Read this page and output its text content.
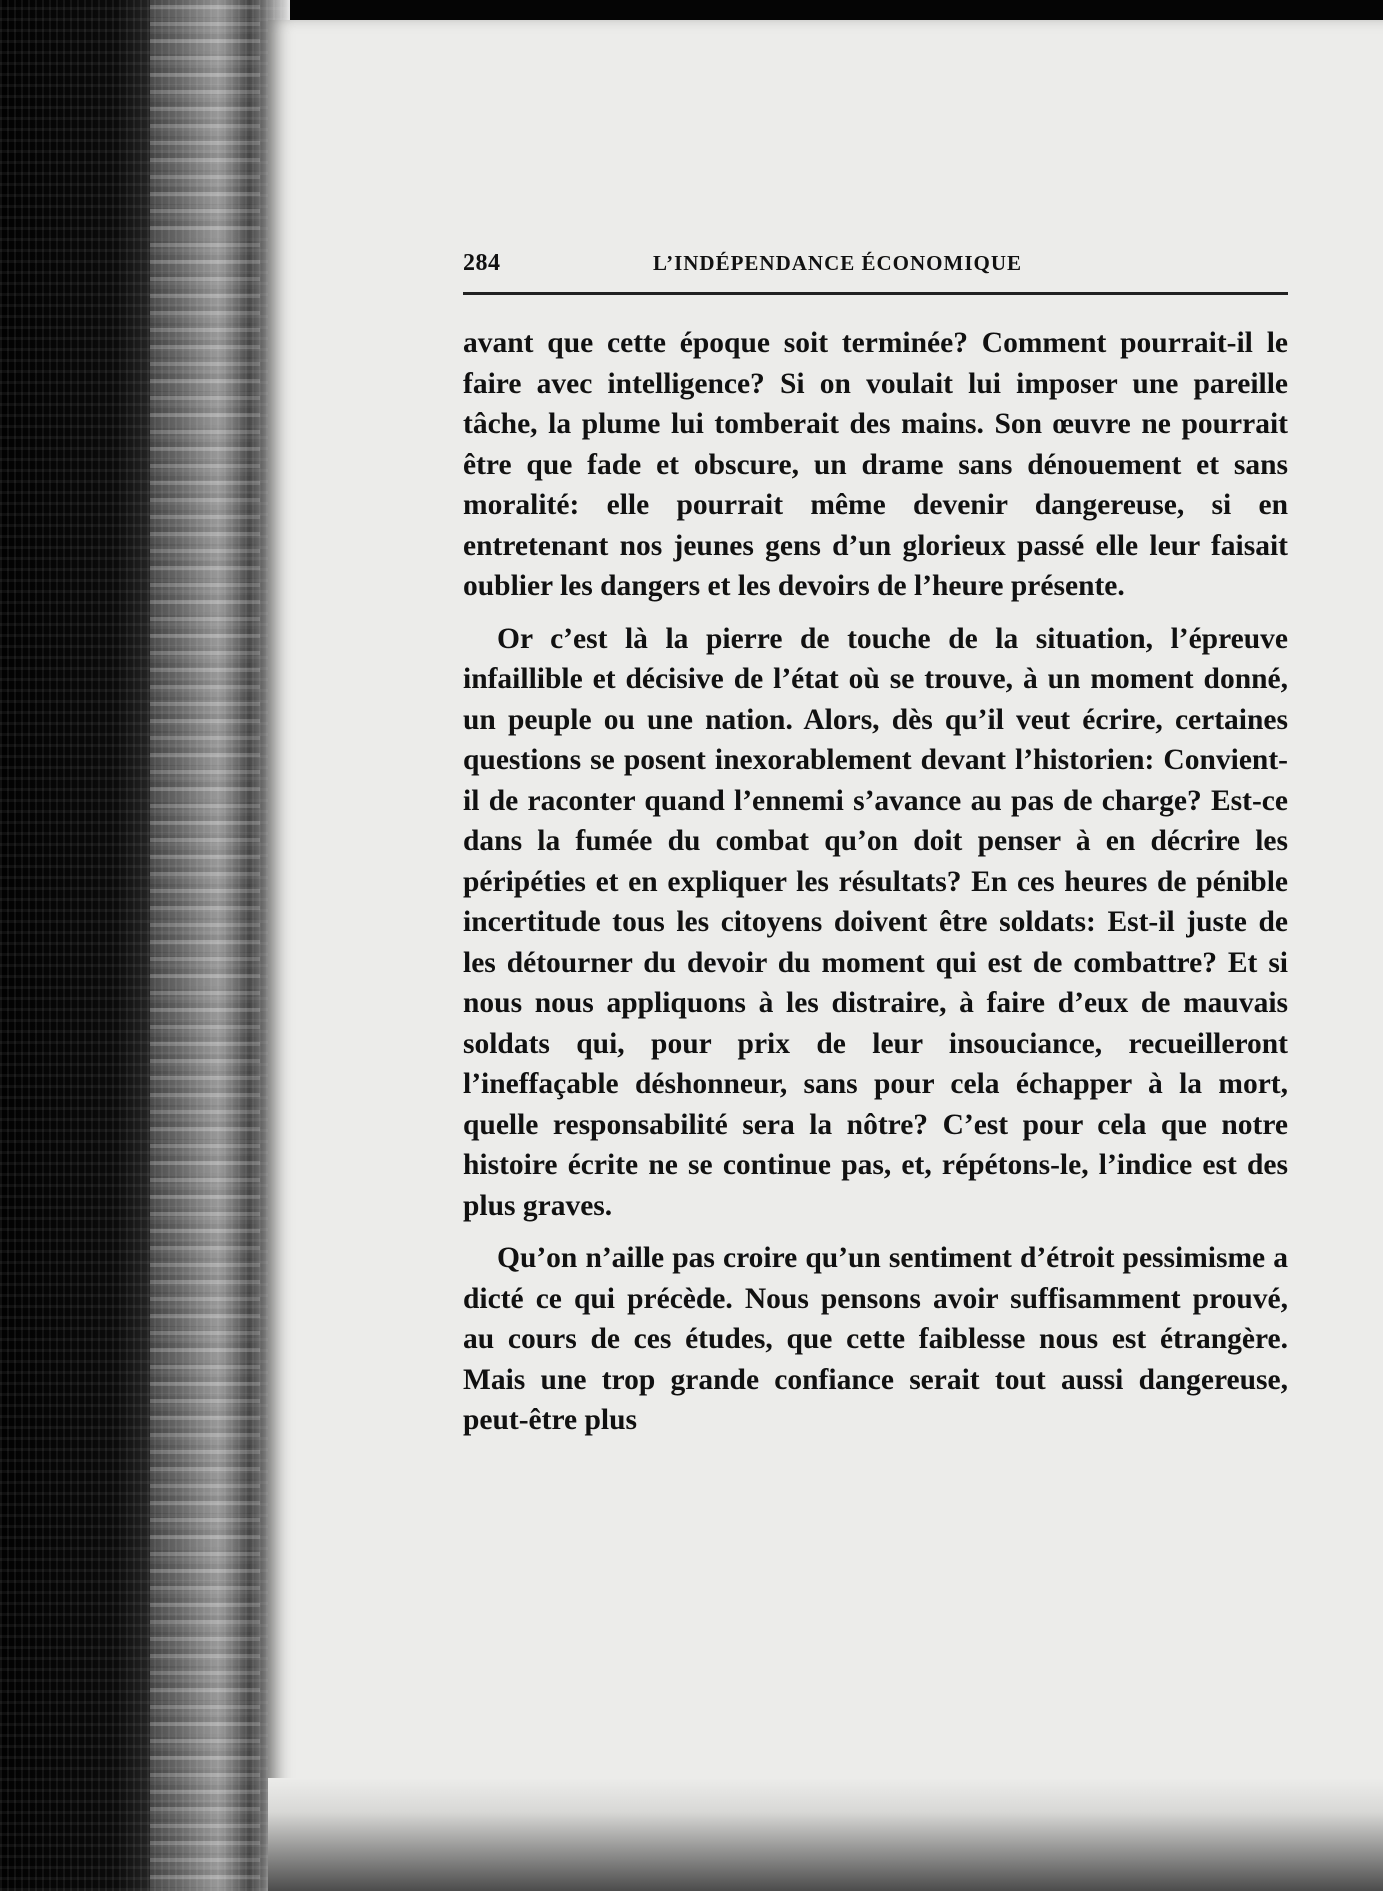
284	L’INDÉPENDANCE ÉCONOMIQUE

avant que cette époque soit terminée? Comment pourrait-il le faire avec intelligence? Si on voulait lui imposer une pareille tâche, la plume lui tomberait des mains. Son œuvre ne pourrait être que fade et obscure, un drame sans dénouement et sans moralité: elle pourrait même devenir dangereuse, si en entretenant nos jeunes gens d’un glorieux passé elle leur faisait oublier les dangers et les devoirs de l’heure présente.

Or c’est là la pierre de touche de la situation, l’épreuve infaillible et décisive de l’état où se trouve, à un moment donné, un peuple ou une nation. Alors, dès qu’il veut écrire, certaines questions se posent inexorablement devant l’historien: Convient-il de raconter quand l’ennemi s’avance au pas de charge? Est-ce dans la fumée du combat qu’on doit penser à en décrire les péripéties et en expliquer les résultats? En ces heures de pénible incertitude tous les citoyens doivent être soldats: Est-il juste de les détourner du devoir du moment qui est de combattre? Et si nous nous appliquons à les distraire, à faire d’eux de mauvais soldats qui, pour prix de leur insouciance, recueilleront l’ineffaçable déshonneur, sans pour cela échapper à la mort, quelle responsabilité sera la nôtre? C’est pour cela que notre histoire écrite ne se continue pas, et, répétons-le, l’indice est des plus graves.

Qu’on n’aille pas croire qu’un sentiment d’étroit pessimisme a dicté ce qui précède. Nous pensons avoir suffisamment prouvé, au cours de ces études, que cette faiblesse nous est étrangère. Mais une trop grande confiance serait tout aussi dangereuse, peut-être plus
